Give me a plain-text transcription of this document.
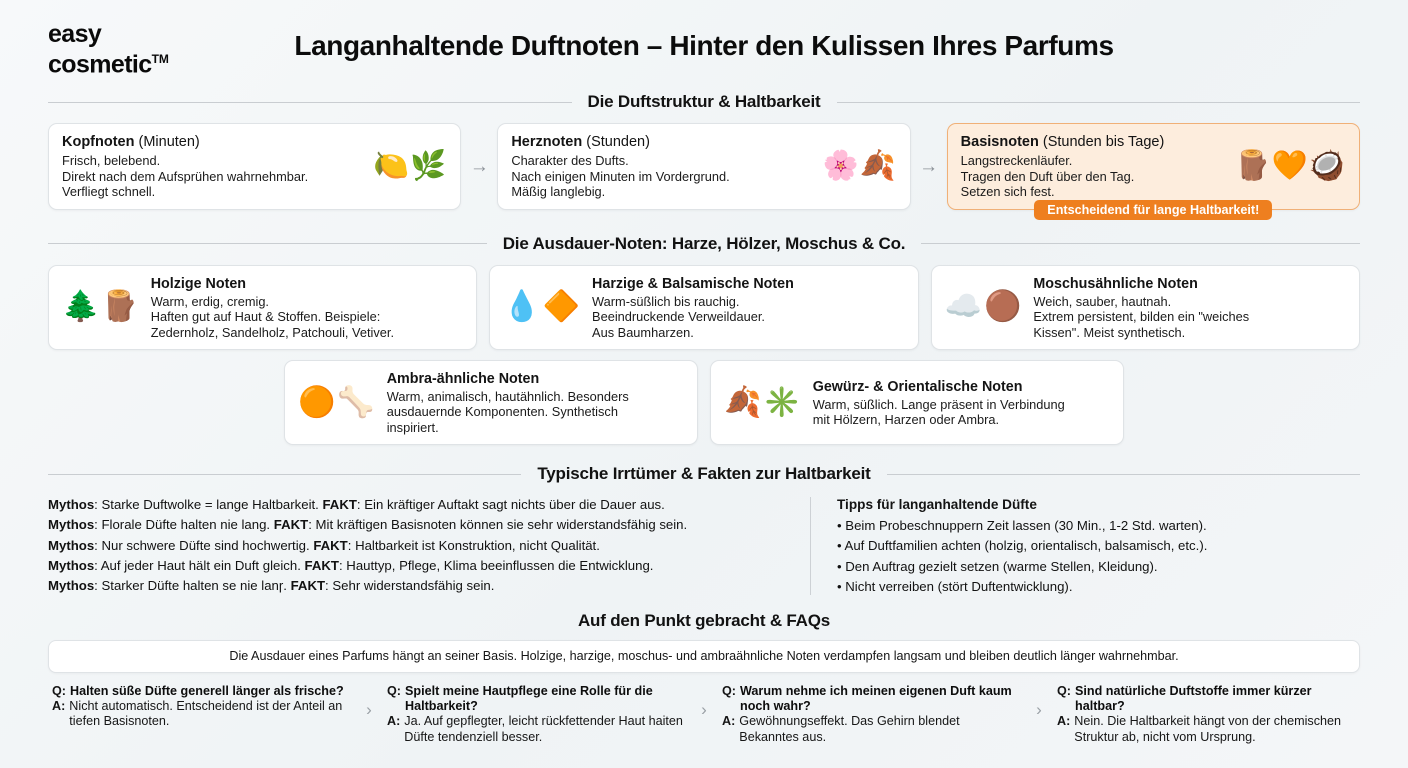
easy
cosmetic™	Langanhaltende Duftnoten – Hinter den Kulissen Ihres Parfums
Die Duftstruktur & Haltbarkeit
Kopfnoten (Minuten)
Frisch, belebend.
Direkt nach dem Aufsprühen wahrnehmbar.
Verfliegt schnell.
🍋🌿	→
Herznoten (Stunden)
Charakter des Dufts.
Nach einigen Minuten im Vordergrund.
Mäßig langlebig.
🌸🍂	→
Basisnoten (Stunden bis Tage)
Langstreckenläufer.
Tragen den Duft über den Tag.
Setzen sich fest.
🪵🧡🥥
Entscheidend für lange Haltbarkeit!
Die Ausdauer-Noten: Harze, Hölzer, Moschus & Co.
🌲🪵
Holzige Noten
Warm, erdig, cremig.
Haften gut auf Haut & Stoffen. Beispiele:
Zedernholz, Sandelholz, Patchouli, Vetiver.
💧🔶
Harzige & Balsamische Noten
Warm-süßlich bis rauchig.
Beeindruckende Verweildauer.
Aus Baumharzen.
☁️🟤
Moschusähnliche Noten
Weich, sauber, hautnah.
Extrem persistent, bilden ein "weiches
Kissen". Meist synthetisch.
🟠🦴
Ambra-ähnliche Noten
Warm, animalisch, hautähnlich. Besonders
ausdauernde Komponenten. Synthetisch
inspiriert.
🍂✳️ Gewürz- & Orientalische Noten
Warm, süßlich. Lange präsent in Verbindung
mit Hölzern, Harzen oder Ambra.
Typische Irrtümer & Fakten zur Haltbarkeit
Mythos: Starke Duftwolke = lange Haltbarkeit. FAKT: Ein kräftiger Auftakt sagt nichts über die Dauer aus.
Mythos: Florale Düfte halten nie lang. FAKT: Mit kräftigen Basisnoten können sie sehr widerstandsfähig sein.
Mythos: Nur schwere Düfte sind hochwertig. FAKT: Haltbarkeit ist Konstruktion, nicht Qualität.
Mythos: Auf jeder Haut hält ein Duft gleich. FAKT: Hauttyp, Pflege, Klima beeinflussen die Entwicklung.
Mythos: Starker Düfte halten se nie lanɼ. FAKT: Sehr widerstandsfähig sein.
Tipps für langanhaltende Düfte
• Beim Probeschnuppern Zeit lassen (30 Min., 1-2 Std. warten).
• Auf Duftfamilien achten (holzig, orientalisch, balsamisch, etc.).
• Den Auftrag gezielt setzen (warme Stellen, Kleidung).
• Nicht verreiben (stört Duftentwicklung).
Auf den Punkt gebracht & FAQs
Die Ausdauer eines Parfums hängt an seiner Basis. Holzige, harzige, moschus- und ambraähnliche Noten verdampfen langsam und bleiben deutlich länger wahrnehmbar.
Q: Halten süße Düfte generell länger als frische?
A: Nicht automatisch. Entscheidend ist der Anteil an tiefen Basisnoten.
›
Q: Spielt meine Hautpflege eine Rolle für die Haltbarkeit?
A: Ja. Auf gepflegter, leicht rückfettender Haut haiten Düfte tendenziell besser.
›
Q: Warum nehme ich meinen eigenen Duft kaum noch wahr?
A: Gewöhnungseffekt. Das Gehirn blendet Bekanntes aus.
›
Q: Sind natürliche Duftstoffe immer kürzer haltbar?
A: Nein. Die Haltbarkeit hängt von der chemischen Struktur ab, nicht vom Ursprung.
